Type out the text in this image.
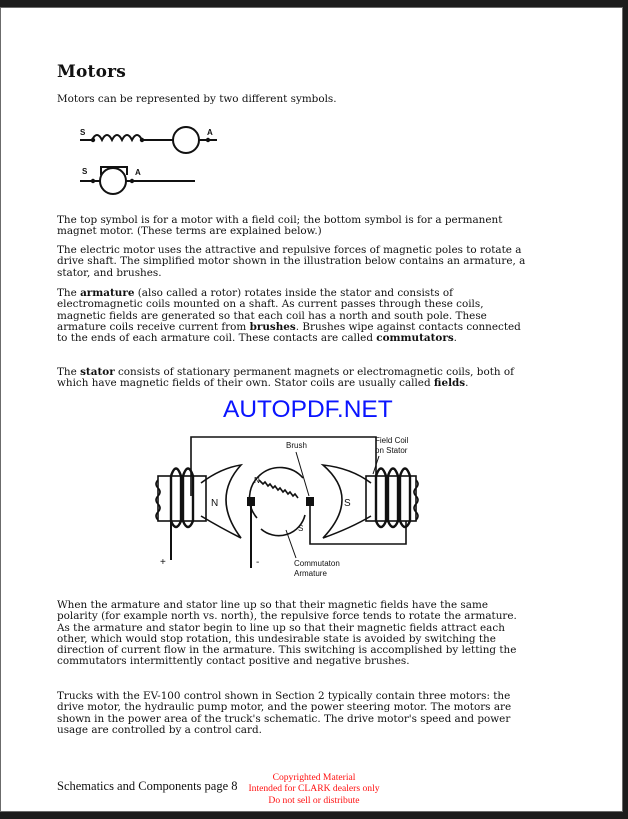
Motors

Motors can be represented by two different symbols.

S	A
S	A

The top symbol is for a motor with a field coil; the bottom symbol is for a permanent magnet motor. (These terms are explained below.)

The electric motor uses the attractive and repulsive forces of magnetic poles to rotate a drive shaft. The simplified motor shown in the illustration below contains an armature, a stator, and brushes.

The armature (also called a rotor) rotates inside the stator and consists of electromagnetic coils mounted on a shaft. As current passes through these coils, magnetic fields are generated so that each coil has a north and south pole. These armature coils receive current from brushes. Brushes wipe against contacts connected to the ends of each armature coil. These contacts are called commutators.

The stator consists of stationary permanent magnets or electromagnetic coils, both of which have magnetic fields of their own. Stator coils are usually called fields.

AUTOPDF.NET
Brush
Field Coil
on Stator
Commutaton
Armature
+	-
N	S
N
S

When the armature and stator line up so that their magnetic fields have the same polarity (for example north vs. north), the repulsive force tends to rotate the armature. As the armature and stator begin to line up so that their magnetic fields attract each other, which would stop rotation, this undesirable state is avoided by switching the direction of current flow in the armature. This switching is accomplished by letting the commutators intermittently contact positive and negative brushes.

Trucks with the EV-100 control shown in Section 2 typically contain three motors: the drive motor, the hydraulic pump motor, and the power steering motor. The motors are shown in the power area of the truck's schematic. The drive motor's speed and power usage are controlled by a control card.

Schematics and Components page 8
Copyrighted Material
Intended for CLARK dealers only
Do not sell or distribute
